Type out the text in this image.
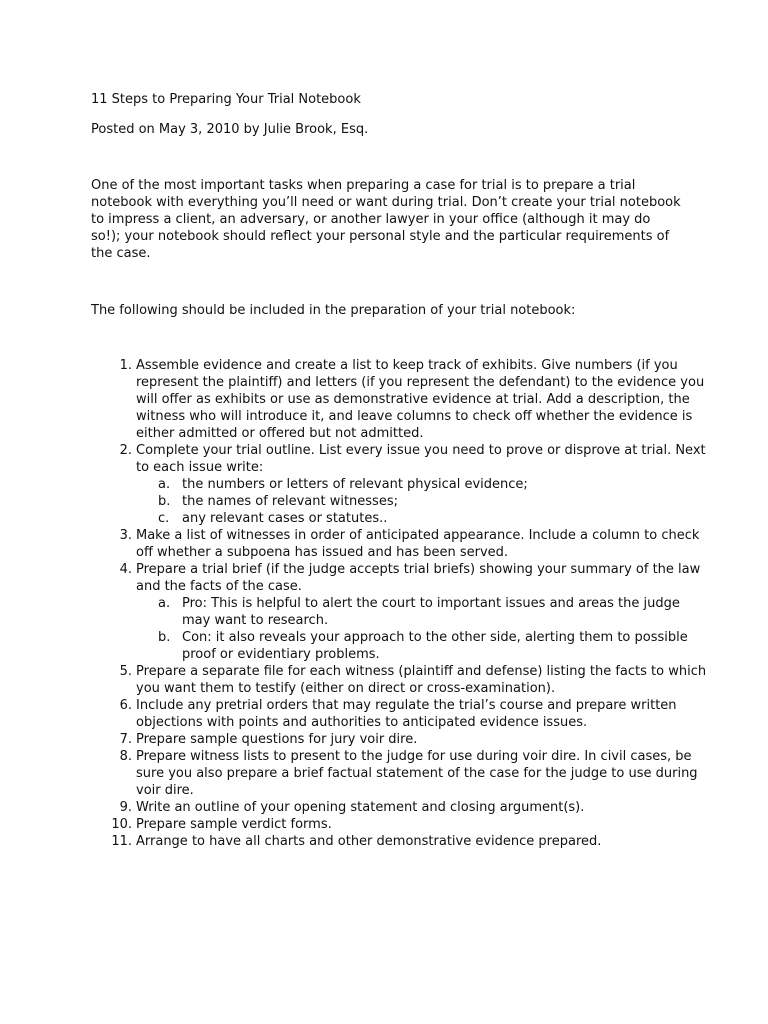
11 Steps to Preparing Your Trial Notebook

Posted on May 3, 2010 by Julie Brook, Esq.

One of the most important tasks when preparing a case for trial is to prepare a trial notebook with everything you’ll need or want during trial. Don’t create your trial notebook to impress a client, an adversary, or another lawyer in your office (although it may do so!); your notebook should reflect your personal style and the particular requirements of the case.

The following should be included in the preparation of your trial notebook:

1. Assemble evidence and create a list to keep track of exhibits. Give numbers (if you represent the plaintiff) and letters (if you represent the defendant) to the evidence you will offer as exhibits or use as demonstrative evidence at trial. Add a description, the witness who will introduce it, and leave columns to check off whether the evidence is either admitted or offered but not admitted.
2. Complete your trial outline. List every issue you need to prove or disprove at trial. Next to each issue write:
a. the numbers or letters of relevant physical evidence;
b. the names of relevant witnesses;
c. any relevant cases or statutes..
3. Make a list of witnesses in order of anticipated appearance. Include a column to check off whether a subpoena has issued and has been served.
4. Prepare a trial brief (if the judge accepts trial briefs) showing your summary of the law and the facts of the case.
a. Pro: This is helpful to alert the court to important issues and areas the judge may want to research.
b. Con: it also reveals your approach to the other side, alerting them to possible proof or evidentiary problems.
5. Prepare a separate file for each witness (plaintiff and defense) listing the facts to which you want them to testify (either on direct or cross-examination).
6. Include any pretrial orders that may regulate the trial’s course and prepare written objections with points and authorities to anticipated evidence issues.
7. Prepare sample questions for jury voir dire.
8. Prepare witness lists to present to the judge for use during voir dire. In civil cases, be sure you also prepare a brief factual statement of the case for the judge to use during voir dire.
9. Write an outline of your opening statement and closing argument(s).
10. Prepare sample verdict forms.
11. Arrange to have all charts and other demonstrative evidence prepared.
